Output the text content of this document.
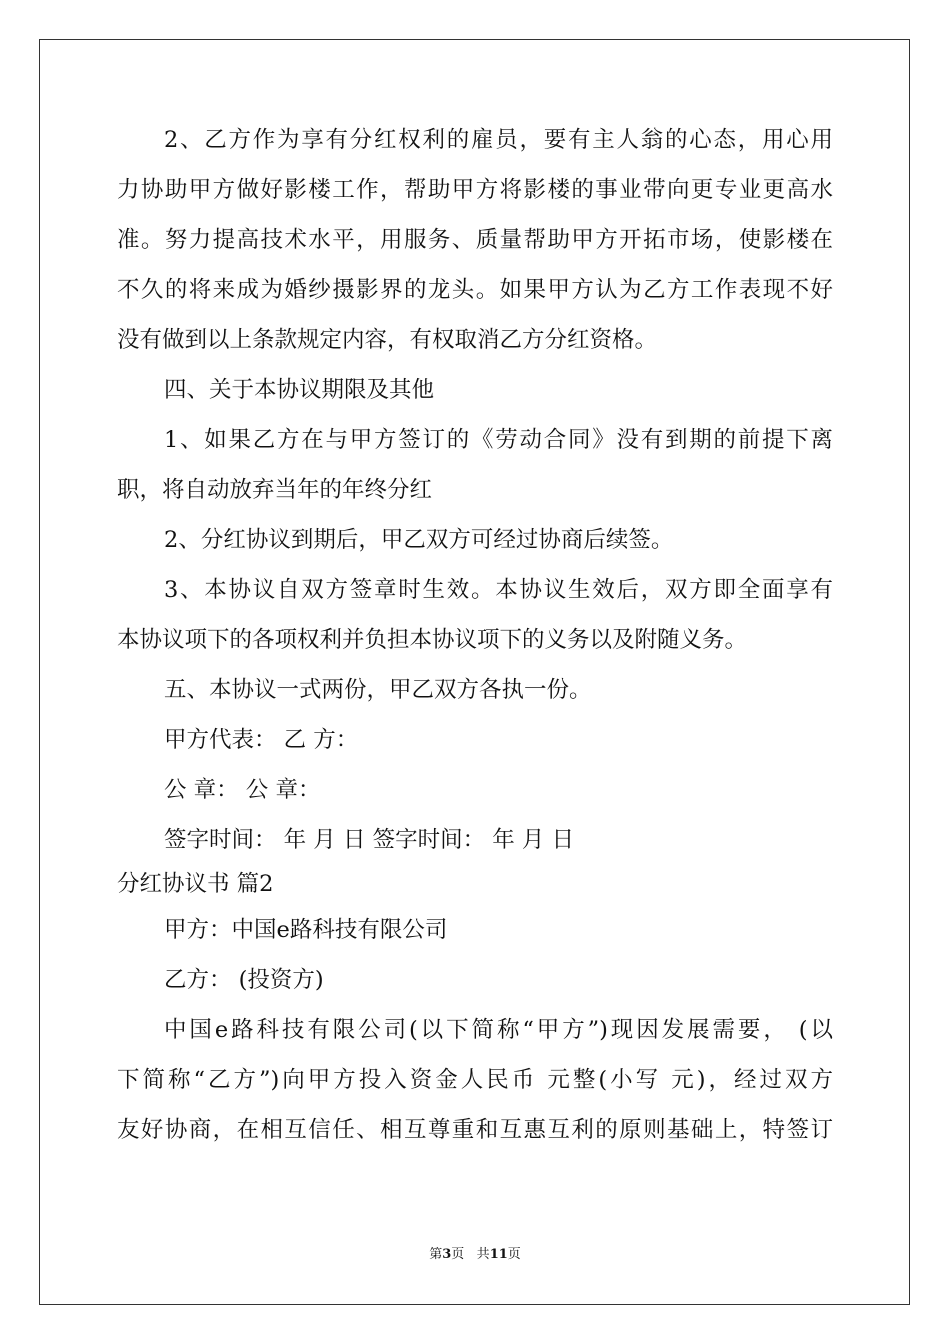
2、乙方作为享有分红权利的雇员，要有主人翁的心态，用心用
力协助甲方做好影楼工作，帮助甲方将影楼的事业带向更专业更高水
准。努力提高技术水平，用服务、质量帮助甲方开拓市场，使影楼在
不久的将来成为婚纱摄影界的龙头。如果甲方认为乙方工作表现不好
没有做到以上条款规定内容，有权取消乙方分红资格。
四、关于本协议期限及其他
1、如果乙方在与甲方签订的《劳动合同》没有到期的前提下离
职，将自动放弃当年的年终分红
2、分红协议到期后，甲乙双方可经过协商后续签。
3、本协议自双方签章时生效。本协议生效后，双方即全面享有
本协议项下的各项权利并负担本协议项下的义务以及附随义务。
五、本协议一式两份，甲乙双方各执一份。
甲方代表： 乙 方：
公 章： 公 章：
签字时间： 年 月 日 签字时间： 年 月 日
分红协议书 篇2
甲方：中国e路科技有限公司
乙方： (投资方)
中国e路科技有限公司(以下简称“甲方”)现因发展需要， (以
下简称“乙方”)向甲方投入资金人民币 元整(小写 元)，经过双方
友好协商，在相互信任、相互尊重和互惠互利的原则基础上，特签订
第3页 共11页
